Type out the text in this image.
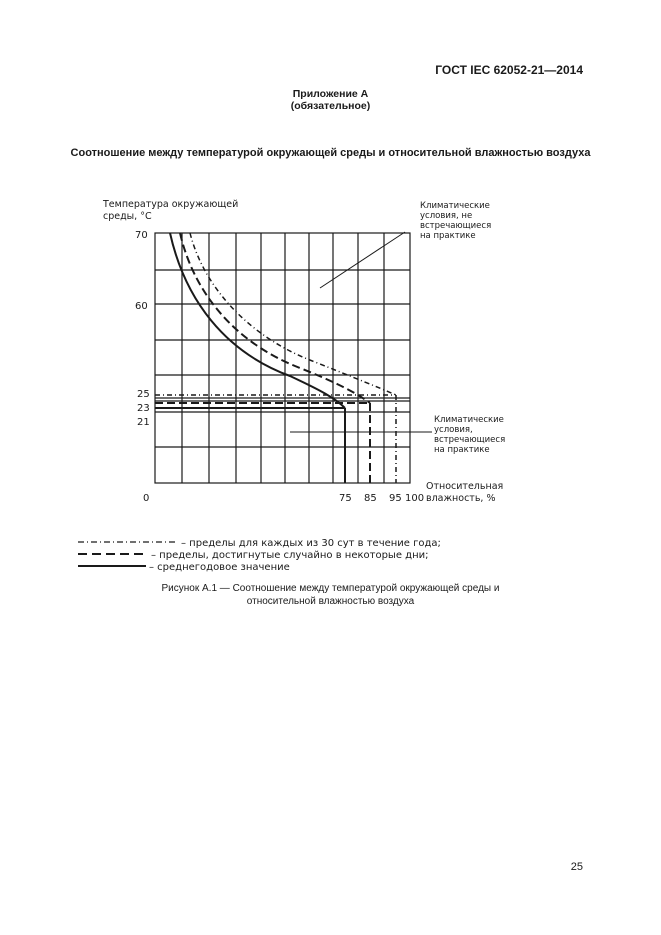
ГОСТ IEC 62052-21—2014
Приложение А
(обязательное)
Соотношение между температурой окружающей среды и относительной влажностью воздуха
Температура окружающей
среды, °С
70
60
25
23
21
0	75 85 95 100
Относительная
влажность, %
Климатические
условия, не
встречающиеся
на практике
Климатические
условия,
встречающиеся
на практике
– пределы для каждых из 30 сут в течение года;
– пределы, достигнутые случайно в некоторые дни;
– среднегодовое значение
Рисунок А.1 — Соотношение между температурой окружающей среды и
относительной влажностью воздуха
25
